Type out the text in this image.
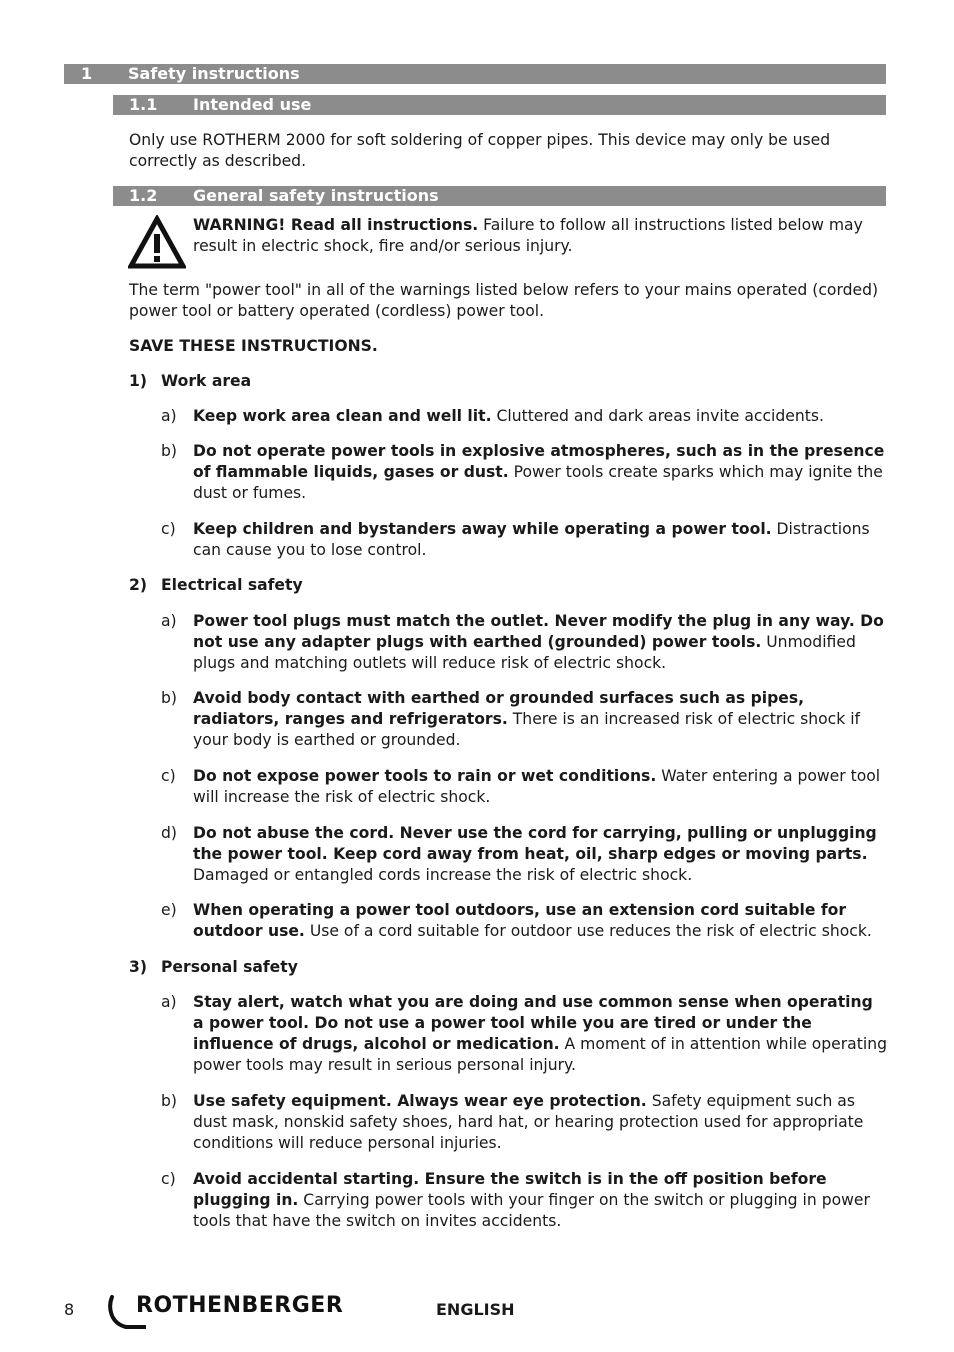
1 Safety instructions
1.1 Intended use

Only use ROTHERM 2000 for soft soldering of copper pipes. This device may only be used correctly as described.

1.2 General safety instructions
WARNING! Read all instructions. Failure to follow all instructions listed below may result in electric shock, fire and/or serious injury.

The term "power tool" in all of the warnings listed below refers to your mains operated (corded) power tool or battery operated (cordless) power tool.

SAVE THESE INSTRUCTIONS.

1) Work area
a) Keep work area clean and well lit. Cluttered and dark areas invite accidents.
b) Do not operate power tools in explosive atmospheres, such as in the presence of flammable liquids, gases or dust. Power tools create sparks which may ignite the dust or fumes.
c) Keep children and bystanders away while operating a power tool. Distractions can cause you to lose control.
2) Electrical safety
a) Power tool plugs must match the outlet. Never modify the plug in any way. Do not use any adapter plugs with earthed (grounded) power tools. Unmodified plugs and matching outlets will reduce risk of electric shock.
b) Avoid body contact with earthed or grounded surfaces such as pipes, radiators, ranges and refrigerators. There is an increased risk of electric shock if your body is earthed or grounded.
c) Do not expose power tools to rain or wet conditions. Water entering a power tool will increase the risk of electric shock.
d) Do not abuse the cord. Never use the cord for carrying, pulling or unplugging the power tool. Keep cord away from heat, oil, sharp edges or moving parts. Damaged or entangled cords increase the risk of electric shock.
e) When operating a power tool outdoors, use an extension cord suitable for outdoor use. Use of a cord suitable for outdoor use reduces the risk of electric shock.
3) Personal safety
a) Stay alert, watch what you are doing and use common sense when operating a power tool. Do not use a power tool while you are tired or under the influence of drugs, alcohol or medication. A moment of in attention while operating power tools may result in serious personal injury.
b) Use safety equipment. Always wear eye protection. Safety equipment such as dust mask, nonskid safety shoes, hard hat, or hearing protection used for appropriate conditions will reduce personal injuries.
c) Avoid accidental starting. Ensure the switch is in the off position before plugging in. Carrying power tools with your finger on the switch or plugging in power tools that have the switch on invites accidents.
8	ROTHENBERGER	ENGLISH
